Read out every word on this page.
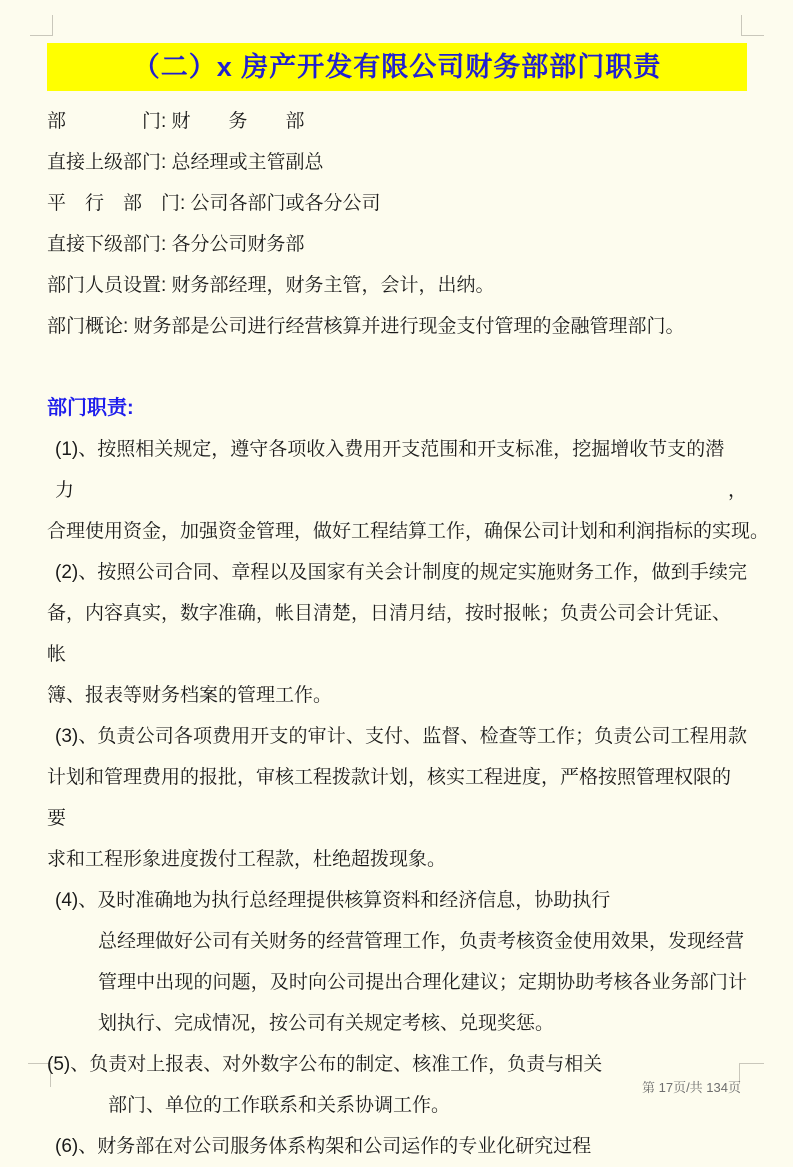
（二）x 房产开发有限公司财务部部门职责
部　　　　门: 财　　务　　部
直接上级部门: 总经理或主管副总
平　行　部　门: 公司各部门或各分公司
直接下级部门: 各分公司财务部
部门人员设置: 财务部经理，财务主管，会计，出纳。
部门概论: 财务部是公司进行经营核算并进行现金支付管理的金融管理部门。
部门职责:
(1)、按照相关规定，遵守各项收入费用开支范围和开支标准，挖掘增收节支的潜力，
合理使用资金，加强资金管理，做好工程结算工作，确保公司计划和利润指标的实现。
(2)、按照公司合同、章程以及国家有关会计制度的规定实施财务工作，做到手续完
备，内容真实，数字准确，帐目清楚，日清月结，按时报帐；负责公司会计凭证、帐
簿、报表等财务档案的管理工作。
(3)、负责公司各项费用开支的审计、支付、监督、检查等工作；负责公司工程用款
计划和管理费用的报批，审核工程拨款计划，核实工程进度，严格按照管理权限的要
求和工程形象进度拨付工程款，杜绝超拨现象。
(4)、及时准确地为执行总经理提供核算资料和经济信息，协助执行
总经理做好公司有关财务的经营管理工作，负责考核资金使用效果，发现经营
管理中出现的问题，及时向公司提出合理化建议；定期协助考核各业务部门计
划执行、完成情况，按公司有关规定考核、兑现奖惩。
(5)、负责对上报表、对外数字公布的制定、核准工作，负责与相关
部门、单位的工作联系和关系协调工作。
(6)、财务部在对公司服务体系构架和公司运作的专业化研究过程
第 17页/共 134页
